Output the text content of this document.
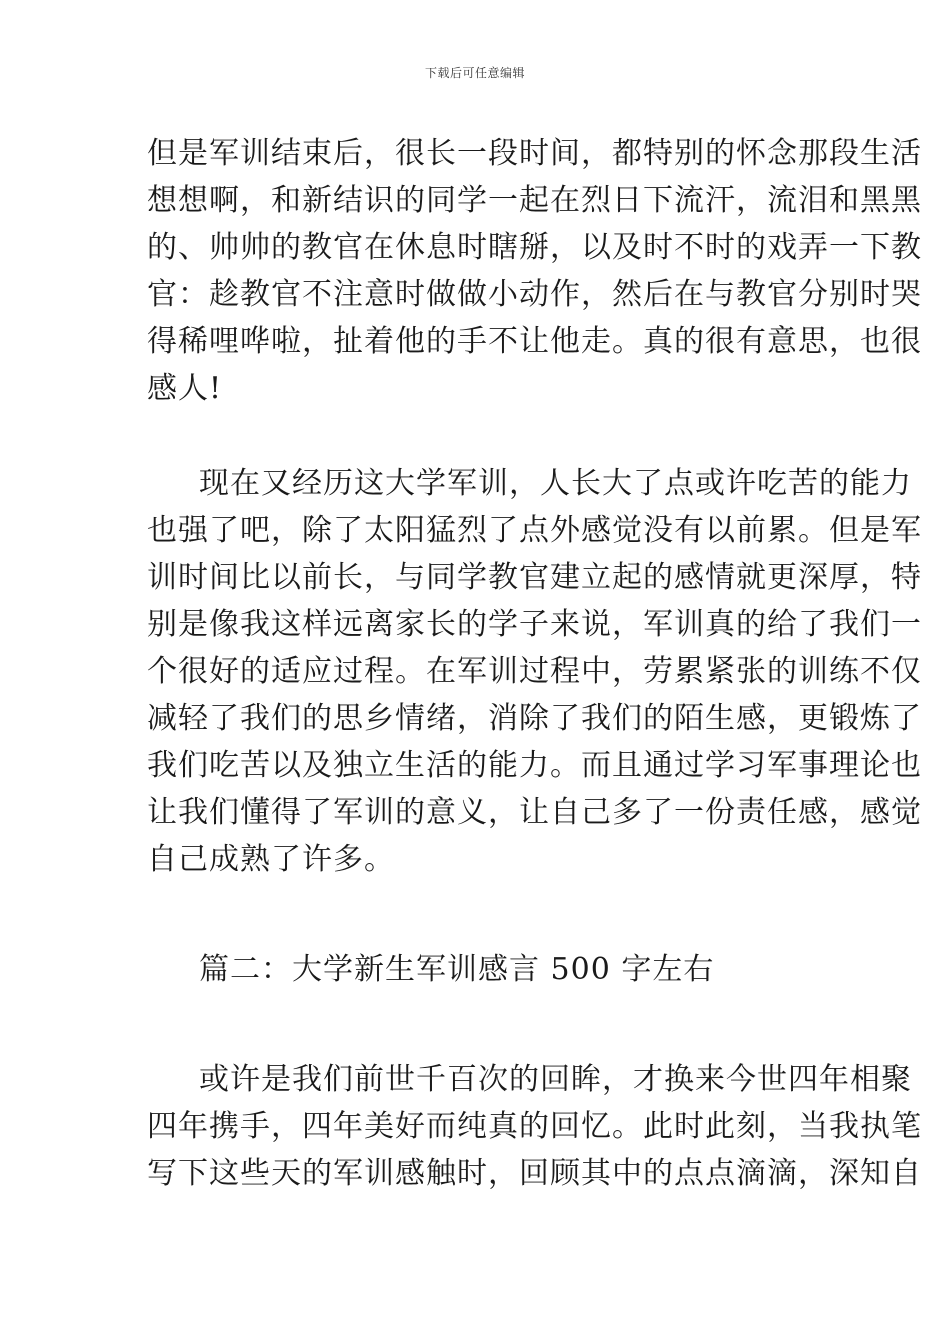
下载后可任意编辑
但是军训结束后，很长一段时间，都特别的怀念那段生活
想想啊，和新结识的同学一起在烈日下流汗，流泪和黑黑
的、帅帅的教官在休息时瞎掰，以及时不时的戏弄一下教
官：趁教官不注意时做做小动作，然后在与教官分别时哭
得稀哩哗啦，扯着他的手不让他走。真的很有意思，也很
感人!
现在又经历这大学军训，人长大了点或许吃苦的能力
也强了吧，除了太阳猛烈了点外感觉没有以前累。但是军
训时间比以前长，与同学教官建立起的感情就更深厚，特
别是像我这样远离家长的学子来说，军训真的给了我们一
个很好的适应过程。在军训过程中，劳累紧张的训练不仅
减轻了我们的思乡情绪，消除了我们的陌生感，更锻炼了
我们吃苦以及独立生活的能力。而且通过学习军事理论也
让我们懂得了军训的意义，让自己多了一份责任感，感觉
自己成熟了许多。
篇二：大学新生军训感言 500 字左右
或许是我们前世千百次的回眸，才换来今世四年相聚
四年携手，四年美好而纯真的回忆。此时此刻，当我执笔
写下这些天的军训感触时，回顾其中的点点滴滴，深知自
